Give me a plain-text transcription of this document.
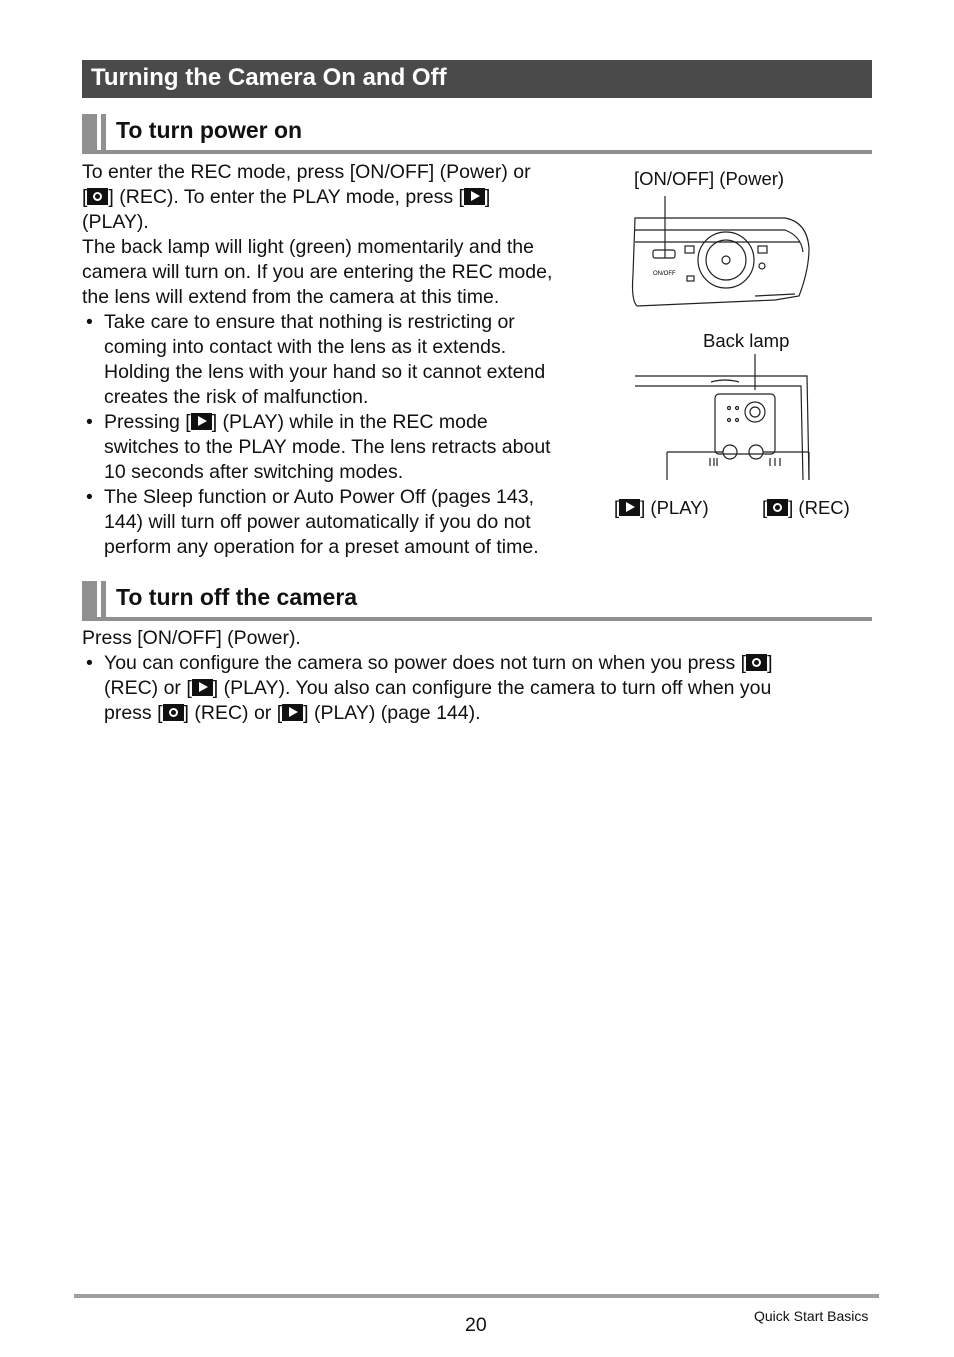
Turning the Camera On and Off
To turn power on
To enter the REC mode, press [ON/OFF] (Power) or
[ ] (REC). To enter the PLAY mode, press [ ]
(PLAY).
The back lamp will light (green) momentarily and the
camera will turn on. If you are entering the REC mode,
the lens will extend from the camera at this time.
• Take care to ensure that nothing is restricting or
coming into contact with the lens as it extends.
Holding the lens with your hand so it cannot extend
creates the risk of malfunction.
• Pressing [ ] (PLAY) while in the REC mode
switches to the PLAY mode. The lens retracts about
10 seconds after switching modes.
• The Sleep function or Auto Power Off (pages 143,
144) will turn off power automatically if you do not
perform any operation for a preset amount of time.
[ON/OFF] (Power)
Back lamp
[ ] (PLAY)	[ ] (REC)
ON/OFF
To turn off the camera
Press [ON/OFF] (Power).
• You can configure the camera so power does not turn on when you press [ ]
(REC) or [ ] (PLAY). You also can configure the camera to turn off when you
press [ ] (REC) or [ ] (PLAY) (page 144).
20	Quick Start Basics
